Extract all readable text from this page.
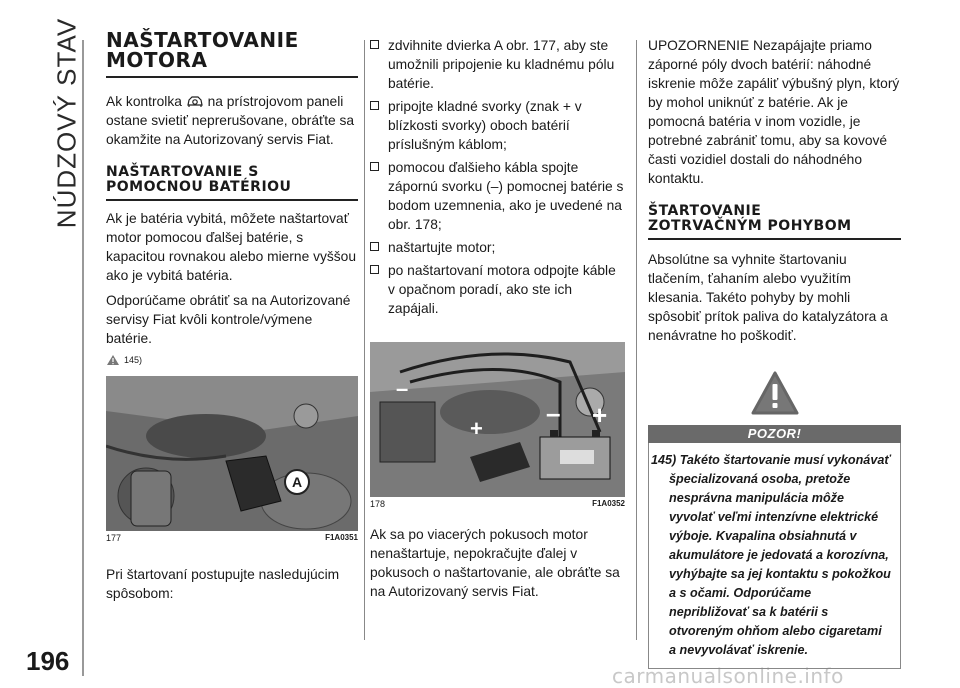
NÚDZOVÝ STAV
196	carmanualsonline.info
NAŠTARTOVANIE
MOTORA

Ak kontrolka na prístrojovom paneli ostane svietiť neprerušovane, obráťte sa okamžite na Autorizovaný servis Fiat.

NAŠTARTOVANIE S
POMOCNOU BATÉRIOU

Ak je batéria vybitá, môžete naštartovať motor pomocou ďalšej batérie, s kapacitou rovnakou alebo mierne vyššou ako je vybitá batéria.

Odporúčame obrátiť sa na Autorizované servisy Fiat kvôli kontrole/výmene batérie.

145)
A
177	F1A0351

Pri štartovaní postupujte nasledujúcim spôsobom:

zdvihnite dvierka A obr. 177, aby ste umožnili pripojenie ku kladnému pólu batérie.
pripojte kladné svorky (znak + v blízkosti svorky) oboch batérií príslušným káblom;
pomocou ďalšieho kábla spojte zápornú svorku (–) pomocnej batérie s bodom uzemnenia, ako je uvedené na obr. 178;
naštartujte motor;
po naštartovaní motora odpojte káble v opačnom poradí, ako ste ich zapájali.
– +
+
–
178	F1A0352

Ak sa po viacerých pokusoch motor nenaštartuje, nepokračujte ďalej v pokusoch o naštartovanie, ale obráťte sa na Autorizovaný servis Fiat.

UPOZORNENIE Nezapájajte priamo záporné póly dvoch batérií: náhodné iskrenie môže zapáliť výbušný plyn, ktorý by mohol uniknúť z batérie. Ak je pomocná batéria v inom vozidle, je potrebné zabrániť tomu, aby sa kovové časti vozidiel dostali do náhodného kontaktu.

ŠTARTOVANIE
ZOTRVAČNÝM POHYBOM

Absolútne sa vyhnite štartovaniu tlačením, ťahaním alebo využitím klesania. Takéto pohyby by mohli spôsobiť prítok paliva do katalyzátora a nenávratne ho poškodiť.

POZOR!

145) Takéto štartovanie musí vykonávať špecializovaná osoba, pretože nesprávna manipulácia môže vyvolať veľmi intenzívne elektrické výboje. Kvapalina obsiahnutá v akumulátore je jedovatá a korozívna, vyhýbajte sa jej kontaktu s pokožkou a s očami. Odporúčame nepribližovať sa k batérii s otvoreným ohňom alebo cigaretami a nevyvolávať iskrenie.
